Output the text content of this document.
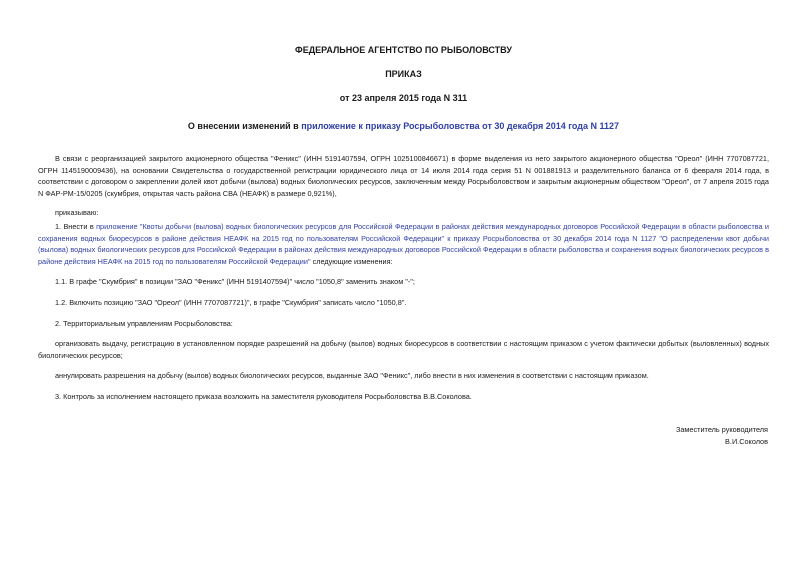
ФЕДЕРАЛЬНОЕ АГЕНТСТВО ПО РЫБОЛОВСТВУ
ПРИКАЗ
от 23 апреля 2015 года N 311
О внесении изменений в приложение к приказу Росрыболовства от 30 декабря 2014 года N 1127

В связи с реорганизацией закрытого акционерного общества "Феникс" (ИНН 5191407594, ОГРН 1025100846671) в форме выделения из него закрытого акционерного общества "Ореол" (ИНН 7707087721, ОГРН 1145190009436), на основании Свидетельства о государственной регистрации юридического лица от 14 июля 2014 года серия 51 N 001881913 и разделительного баланса от 6 февраля 2014 года, в соответствии с договором о закреплении долей квот добычи (вылова) водных биологических ресурсов, заключенным между Росрыболовством и закрытым акционерным обществом "Ореол", от 7 апреля 2015 года N ФАР-РМ-15/0205 (скумбрия, открытая часть района СВА (НЕАФК) в размере 0,921%),

приказываю:

1. Внести в приложение "Квоты добычи (вылова) водных биологических ресурсов для Российской Федерации в районах действия международных договоров Российской Федерации в области рыболовства и сохранения водных биоресурсов в районе действия НЕАФК на 2015 год по пользователям Российской Федерации" к приказу Росрыболовства от 30 декабря 2014 года N 1127 "О распределении квот добычи (вылова) водных биологических ресурсов для Российской Федерации в районах действия международных договоров Российской Федерации в области рыболовства и сохранения водных биологических ресурсов в районе действия НЕАФК на 2015 год по пользователям Российской Федерации" следующие изменения:

1.1. В графе "Скумбрия" в позиции "ЗАО "Феникс" (ИНН 5191407594)" число "1050,8" заменить знаком "-";

1.2. Включить позицию "ЗАО "Ореол" (ИНН 7707087721)", в графе "Скумбрия" записать число "1050,8".

2. Территориальным управлениям Росрыболовства:

организовать выдачу, регистрацию в установленном порядке разрешений на добычу (вылов) водных биоресурсов в соответствии с настоящим приказом с учетом фактически добытых (выловленных) водных биологических ресурсов;

аннулировать разрешения на добычу (вылов) водных биологических ресурсов, выданные ЗАО "Феникс", либо внести в них изменения в соответствии с настоящим приказом.

3. Контроль за исполнением настоящего приказа возложить на заместителя руководителя Росрыболовства В.В.Соколова.

Заместитель руководителя
В.И.Соколов
